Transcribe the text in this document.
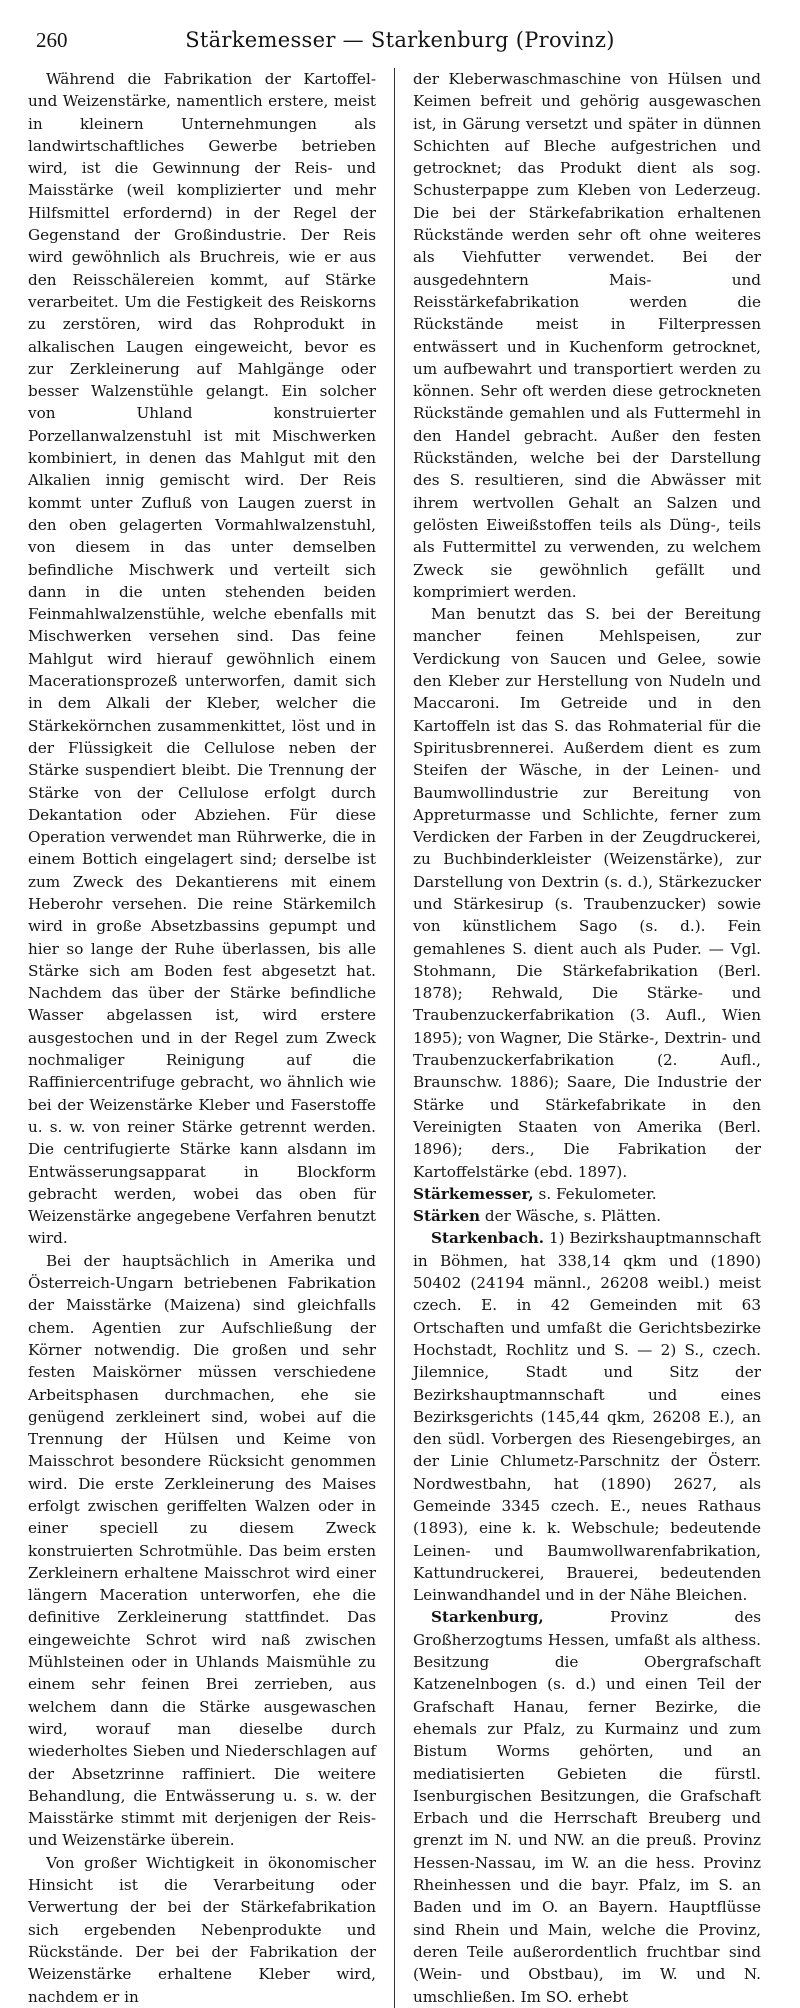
260	Stärkemesser — Starkenburg (Provinz)

Während die Fabrikation der Kartoffel- und Weizenstärke, namentlich erstere, meist in kleinern Unternehmungen als landwirtschaftliches Gewerbe betrieben wird, ist die Gewinnung der Reis- und Maisstärke (weil komplizierter und mehr Hilfsmittel erfordernd) in der Regel der Gegenstand der Großindustrie. Der Reis wird gewöhnlich als Bruchreis, wie er aus den Reisschälereien kommt, auf Stärke verarbeitet. Um die Festigkeit des Reiskorns zu zerstören, wird das Rohprodukt in alkalischen Laugen eingeweicht, bevor es zur Zerkleinerung auf Mahlgänge oder besser Walzenstühle gelangt. Ein solcher von Uhland konstruierter Porzellanwalzenstuhl ist mit Mischwerken kombiniert, in denen das Mahlgut mit den Alkalien innig gemischt wird. Der Reis kommt unter Zufluß von Laugen zuerst in den oben gelagerten Vormahlwalzenstuhl, von diesem in das unter demselben befindliche Mischwerk und verteilt sich dann in die unten stehenden beiden Feinmahlwalzenstühle, welche ebenfalls mit Mischwerken versehen sind. Das feine Mahlgut wird hierauf gewöhnlich einem Macerationsprozeß unterworfen, damit sich in dem Alkali der Kleber, welcher die Stärkekörnchen zusammenkittet, löst und in der Flüssigkeit die Cellulose neben der Stärke suspendiert bleibt. Die Trennung der Stärke von der Cellulose erfolgt durch Dekantation oder Abziehen. Für diese Operation verwendet man Rührwerke, die in einem Bottich eingelagert sind; derselbe ist zum Zweck des Dekantierens mit einem Heberohr versehen. Die reine Stärkemilch wird in große Absetzbassins gepumpt und hier so lange der Ruhe überlassen, bis alle Stärke sich am Boden fest abgesetzt hat. Nachdem das über der Stärke befindliche Wasser abgelassen ist, wird erstere ausgestochen und in der Regel zum Zweck nochmaliger Reinigung auf die Raffiniercentrifuge gebracht, wo ähnlich wie bei der Weizenstärke Kleber und Faserstoffe u. s. w. von reiner Stärke getrennt werden. Die centrifugierte Stärke kann alsdann im Entwässerungsapparat in Blockform gebracht werden, wobei das oben für Weizenstärke angegebene Verfahren benutzt wird.

Bei der hauptsächlich in Amerika und Österreich-Ungarn betriebenen Fabrikation der Maisstärke (Maizena) sind gleichfalls chem. Agentien zur Aufschließung der Körner notwendig. Die großen und sehr festen Maiskörner müssen verschiedene Arbeitsphasen durchmachen, ehe sie genügend zerkleinert sind, wobei auf die Trennung der Hülsen und Keime von Maisschrot besondere Rücksicht genommen wird. Die erste Zerkleinerung des Maises erfolgt zwischen geriffelten Walzen oder in einer speciell zu diesem Zweck konstruierten Schrotmühle. Das beim ersten Zerkleinern erhaltene Maisschrot wird einer längern Maceration unterworfen, ehe die definitive Zerkleinerung stattfindet. Das eingeweichte Schrot wird naß zwischen Mühlsteinen oder in Uhlands Maismühle zu einem sehr feinen Brei zerrieben, aus welchem dann die Stärke ausgewaschen wird, worauf man dieselbe durch wiederholtes Sieben und Niederschlagen auf der Absetzrinne raffiniert. Die weitere Behandlung, die Entwässerung u. s. w. der Maisstärke stimmt mit derjenigen der Reis- und Weizenstärke überein.

Von großer Wichtigkeit in ökonomischer Hinsicht ist die Verarbeitung oder Verwertung der bei der Stärkefabrikation sich ergebenden Nebenprodukte und Rückstände. Der bei der Fabrikation der Weizenstärke erhaltene Kleber wird, nachdem er in

der Kleberwaschmaschine von Hülsen und Keimen befreit und gehörig ausgewaschen ist, in Gärung versetzt und später in dünnen Schichten auf Bleche aufgestrichen und getrocknet; das Produkt dient als sog. Schusterpappe zum Kleben von Lederzeug. Die bei der Stärkefabrikation erhaltenen Rückstände werden sehr oft ohne weiteres als Viehfutter verwendet. Bei der ausgedehntern Mais- und Reisstärkefabrikation werden die Rückstände meist in Filterpressen entwässert und in Kuchenform getrocknet, um aufbewahrt und transportiert werden zu können. Sehr oft werden diese getrockneten Rückstände gemahlen und als Futtermehl in den Handel gebracht. Außer den festen Rückständen, welche bei der Darstellung des S. resultieren, sind die Abwässer mit ihrem wertvollen Gehalt an Salzen und gelösten Eiweißstoffen teils als Düng-, teils als Futtermittel zu verwenden, zu welchem Zweck sie gewöhnlich gefällt und komprimiert werden.

Man benutzt das S. bei der Bereitung mancher feinen Mehlspeisen, zur Verdickung von Saucen und Gelee, sowie den Kleber zur Herstellung von Nudeln und Maccaroni. Im Getreide und in den Kartoffeln ist das S. das Rohmaterial für die Spiritusbrennerei. Außerdem dient es zum Steifen der Wäsche, in der Leinen- und Baumwollindustrie zur Bereitung von Appreturmasse und Schlichte, ferner zum Verdicken der Farben in der Zeugdruckerei, zu Buchbinderkleister (Weizenstärke), zur Darstellung von Dextrin (s. d.), Stärkezucker und Stärkesirup (s. Traubenzucker) sowie von künstlichem Sago (s. d.). Fein gemahlenes S. dient auch als Puder. — Vgl. Stohmann, Die Stärkefabrikation (Berl. 1878); Rehwald, Die Stärke- und Traubenzuckerfabrikation (3. Aufl., Wien 1895); von Wagner, Die Stärke-, Dextrin- und Traubenzuckerfabrikation (2. Aufl., Braunschw. 1886); Saare, Die Industrie der Stärke und Stärkefabrikate in den Vereinigten Staaten von Amerika (Berl. 1896); ders., Die Fabrikation der Kartoffelstärke (ebd. 1897).

Stärkemesser, s. Fekulometer.

Stärken der Wäsche, s. Plätten.

Starkenbach. 1) Bezirkshauptmannschaft in Böhmen, hat 338,14 qkm und (1890) 50402 (24194 männl., 26208 weibl.) meist czech. E. in 42 Gemeinden mit 63 Ortschaften und umfaßt die Gerichtsbezirke Hochstadt, Rochlitz und S. — 2) S., czech. Jilemnice, Stadt und Sitz der Bezirkshauptmannschaft und eines Bezirksgerichts (145,44 qkm, 26208 E.), an den südl. Vorbergen des Riesengebirges, an der Linie Chlumetz-Parschnitz der Österr. Nordwestbahn, hat (1890) 2627, als Gemeinde 3345 czech. E., neues Rathaus (1893), eine k. k. Webschule; bedeutende Leinen- und Baumwollwarenfabrikation, Kattundruckerei, Brauerei, bedeutenden Leinwandhandel und in der Nähe Bleichen.

Starkenburg, Provinz des Großherzogtums Hessen, umfaßt als althess. Besitzung die Obergrafschaft Katzenelnbogen (s. d.) und einen Teil der Grafschaft Hanau, ferner Bezirke, die ehemals zur Pfalz, zu Kurmainz und zum Bistum Worms gehörten, und an mediatisierten Gebieten die fürstl. Isenburgischen Besitzungen, die Grafschaft Erbach und die Herrschaft Breuberg und grenzt im N. und NW. an die preuß. Provinz Hessen-Nassau, im W. an die hess. Provinz Rheinhessen und die bayr. Pfalz, im S. an Baden und im O. an Bayern. Hauptflüsse sind Rhein und Main, welche die Provinz, deren Teile außerordentlich fruchtbar sind (Wein- und Obstbau), im W. und N. umschließen. Im SO. erhebt
